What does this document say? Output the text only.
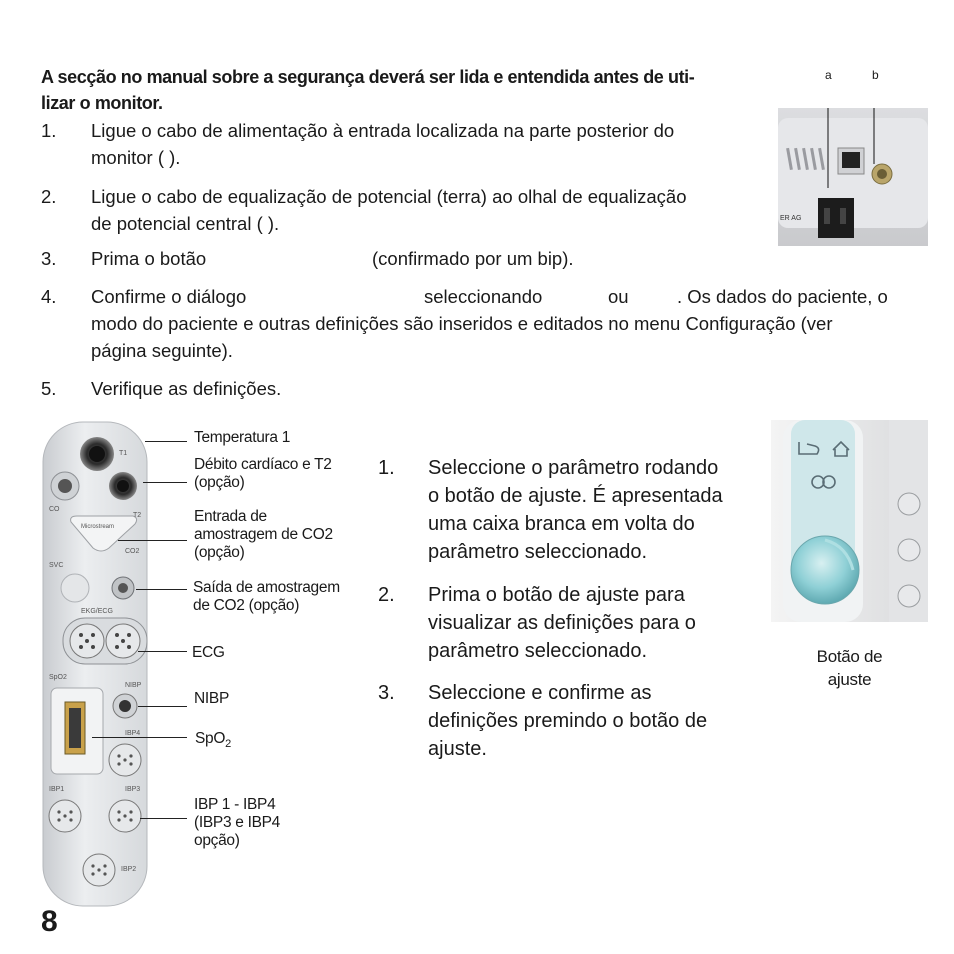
A secção no manual sobre a segurança deverá ser lida e entendida antes de uti-
lizar o monitor.
1. Ligue o cabo de alimentação à entrada localizada na parte posterior do
monitor ( ).
2. Ligue o cabo de equalização de potencial (terra) ao olhal de equalização
de potencial central ( ).
3. Prima o botão	(confirmado por um bip).
4. Confirme o diálogo	seleccionando	ou	. Os dados do paciente, o
modo do paciente e outras definições são inseridos e editados no menu Configuração (ver
página seguinte).
5. Verifique as definições.
a	b
ER AG
T1
CO
T2
Microstream
CO2
SVC
EKG/ECG
SpO2
NIBP
IBP4
IBP1	IBP3
IBP2
Temperatura 1
Débito cardíaco e T2
(opção)
Entrada de
amostragem de CO2
(opção)
Saída de amostragem
de CO2 (opção)
ECG
NIBP
SpO$_2$
IBP 1 - IBP4
(IBP3 e IBP4
opção)
1. Seleccione o parâmetro rodando
o botão de ajuste. É apresentada
uma caixa branca em volta do
parâmetro seleccionado.
2. Prima o botão de ajuste para
visualizar as definições para o
parâmetro seleccionado.
3. Seleccione e confirme as
definições premindo o botão de
ajuste.
Botão de
ajuste
8
